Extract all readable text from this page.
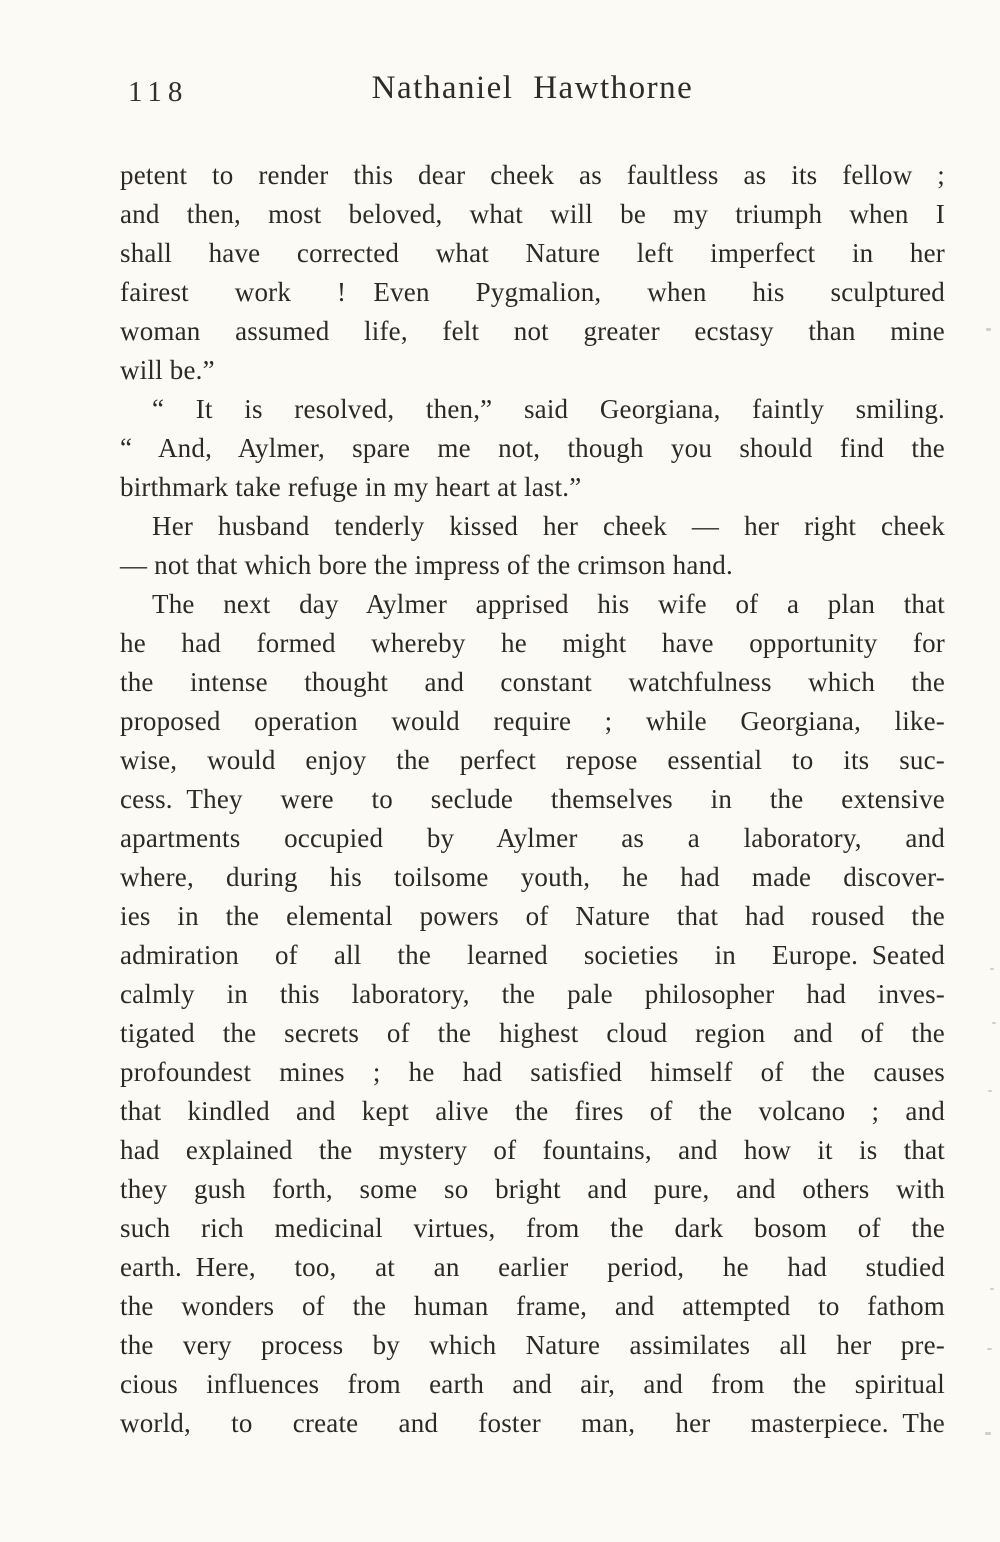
118	Nathaniel Hawthorne
petent to render this dear cheek as faultless as its fellow ;
and then, most beloved, what will be my triumph when I
shall have corrected what Nature left imperfect in her
fairest work ! Even Pygmalion, when his sculptured
woman assumed life, felt not greater ecstasy than mine
will be.”
“ It is resolved, then,” said Georgiana, faintly smiling.
“ And, Aylmer, spare me not, though you should find the
birthmark take refuge in my heart at last.”
Her husband tenderly kissed her cheek — her right cheek
— not that which bore the impress of the crimson hand.
The next day Aylmer apprised his wife of a plan that
he had formed whereby he might have opportunity for
the intense thought and constant watchfulness which the
proposed operation would require ; while Georgiana, like-
wise, would enjoy the perfect repose essential to its suc-
cess. They were to seclude themselves in the extensive
apartments occupied by Aylmer as a laboratory, and
where, during his toilsome youth, he had made discover-
ies in the elemental powers of Nature that had roused the
admiration of all the learned societies in Europe. Seated
calmly in this laboratory, the pale philosopher had inves-
tigated the secrets of the highest cloud region and of the
profoundest mines ; he had satisfied himself of the causes
that kindled and kept alive the fires of the volcano ; and
had explained the mystery of fountains, and how it is that
they gush forth, some so bright and pure, and others with
such rich medicinal virtues, from the dark bosom of the
earth. Here, too, at an earlier period, he had studied
the wonders of the human frame, and attempted to fathom
the very process by which Nature assimilates all her pre-
cious influences from earth and air, and from the spiritual
world, to create and foster man, her masterpiece. The
